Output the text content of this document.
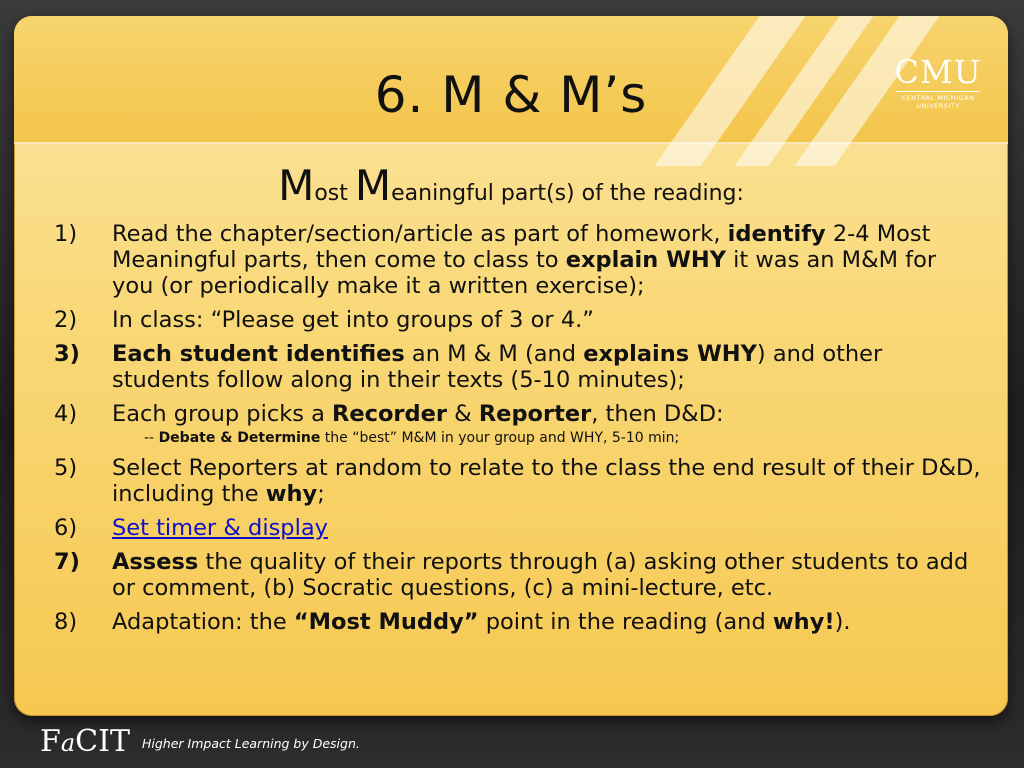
6. M & M’s	CMU
CENTRAL MICHIGAN
UNIVERSITY
Most Meaningful part(s) of the reading:
1)	Read the chapter/section/article as part of homework, identify 2-4 Most Meaningful parts, then come to class to explain WHY it was an M&M for you (or periodically make it a written exercise);
2)	In class: “Please get into groups of 3 or 4.”
3)	Each student identifies an M & M (and explains WHY) and other students follow along in their texts (5-10 minutes);
4)	Each group picks a Recorder & Reporter, then D&D:
-- Debate & Determine the “best” M&M in your group and WHY, 5-10 min;
5)	Select Reporters at random to relate to the class the end result of their D&D, including the why;
6)	Set timer & display
7)	Assess the quality of their reports through (a) asking other students to add or comment, (b) Socratic questions, (c) a mini-lecture, etc.
8)	Adaptation: the “Most Muddy” point in the reading (and why!).
FaCIT Higher Impact Learning by Design.
